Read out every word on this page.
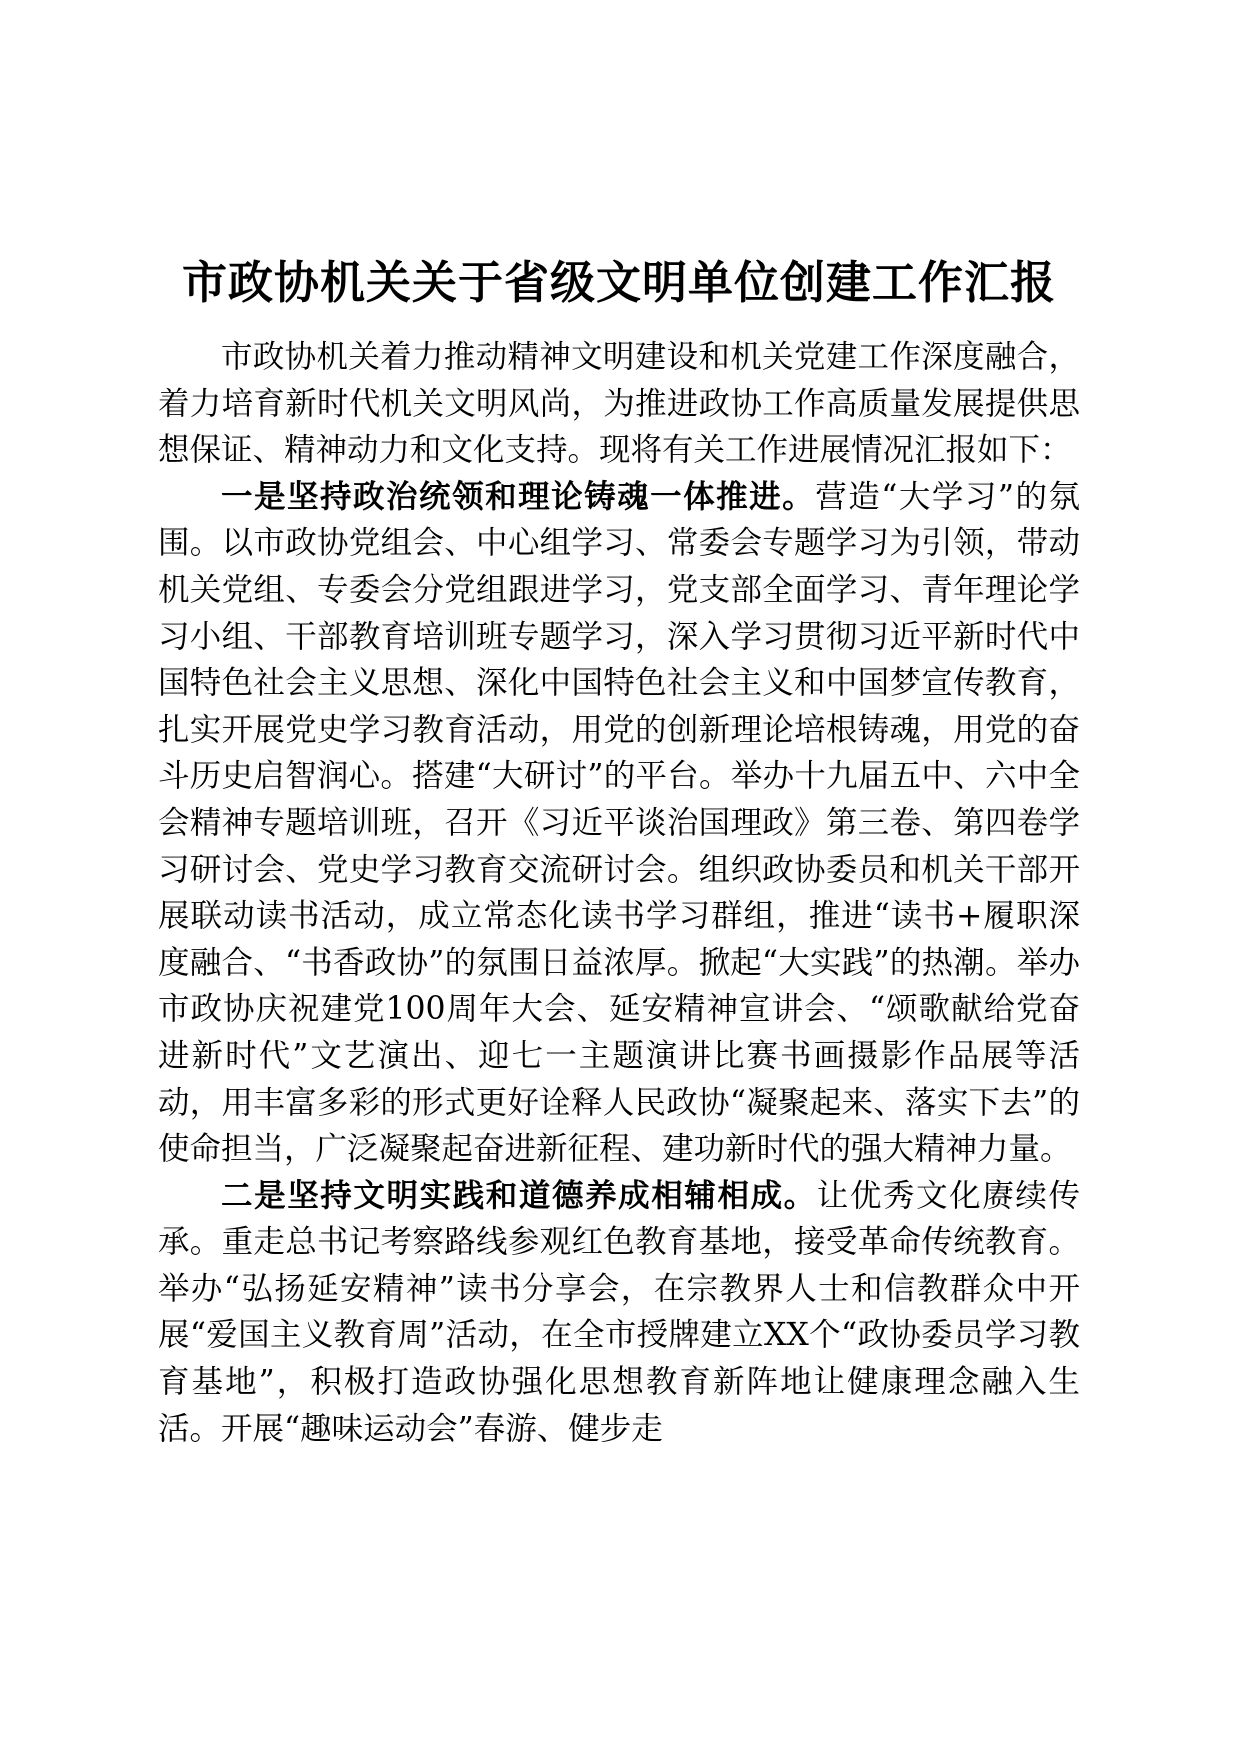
市政协机关关于省级文明单位创建工作汇报

市政协机关着力推动精神文明建设和机关党建工作深度融合，着力培育新时代机关文明风尚，为推进政协工作高质量发展提供思想保证、精神动力和文化支持。现将有关工作进展情况汇报如下：

一是坚持政治统领和理论铸魂一体推进。营造“大学习”的氛围。以市政协党组会、中心组学习、常委会专题学习为引领，带动机关党组、专委会分党组跟进学习，党支部全面学习、青年理论学习小组、干部教育培训班专题学习，深入学习贯彻习近平新时代中国特色社会主义思想、深化中国特色社会主义和中国梦宣传教育，扎实开展党史学习教育活动，用党的创新理论培根铸魂，用党的奋斗历史启智润心。搭建“大研讨”的平台。举办十九届五中、六中全会精神专题培训班，召开《习近平谈治国理政》第三卷、第四卷学习研讨会、党史学习教育交流研讨会。组织政协委员和机关干部开展联动读书活动，成立常态化读书学习群组，推进“读书+履职深度融合、“书香政协”的氛围日益浓厚。掀起“大实践”的热潮。举办市政协庆祝建党100周年大会、延安精神宣讲会、“颂歌献给党奋进新时代”文艺演出、迎七一主题演讲比赛书画摄影作品展等活动，用丰富多彩的形式更好诠释人民政协“凝聚起来、落实下去”的使命担当，广泛凝聚起奋进新征程、建功新时代的强大精神力量。

二是坚持文明实践和道德养成相辅相成。让优秀文化赓续传承。重走总书记考察路线参观红色教育基地，接受革命传统教育。举办“弘扬延安精神”读书分享会，在宗教界人士和信教群众中开展“爱国主义教育周”活动，在全市授牌建立XX个“政协委员学习教育基地”，积极打造政协强化思想教育新阵地让健康理念融入生活。开展“趣味运动会”春游、健步走
